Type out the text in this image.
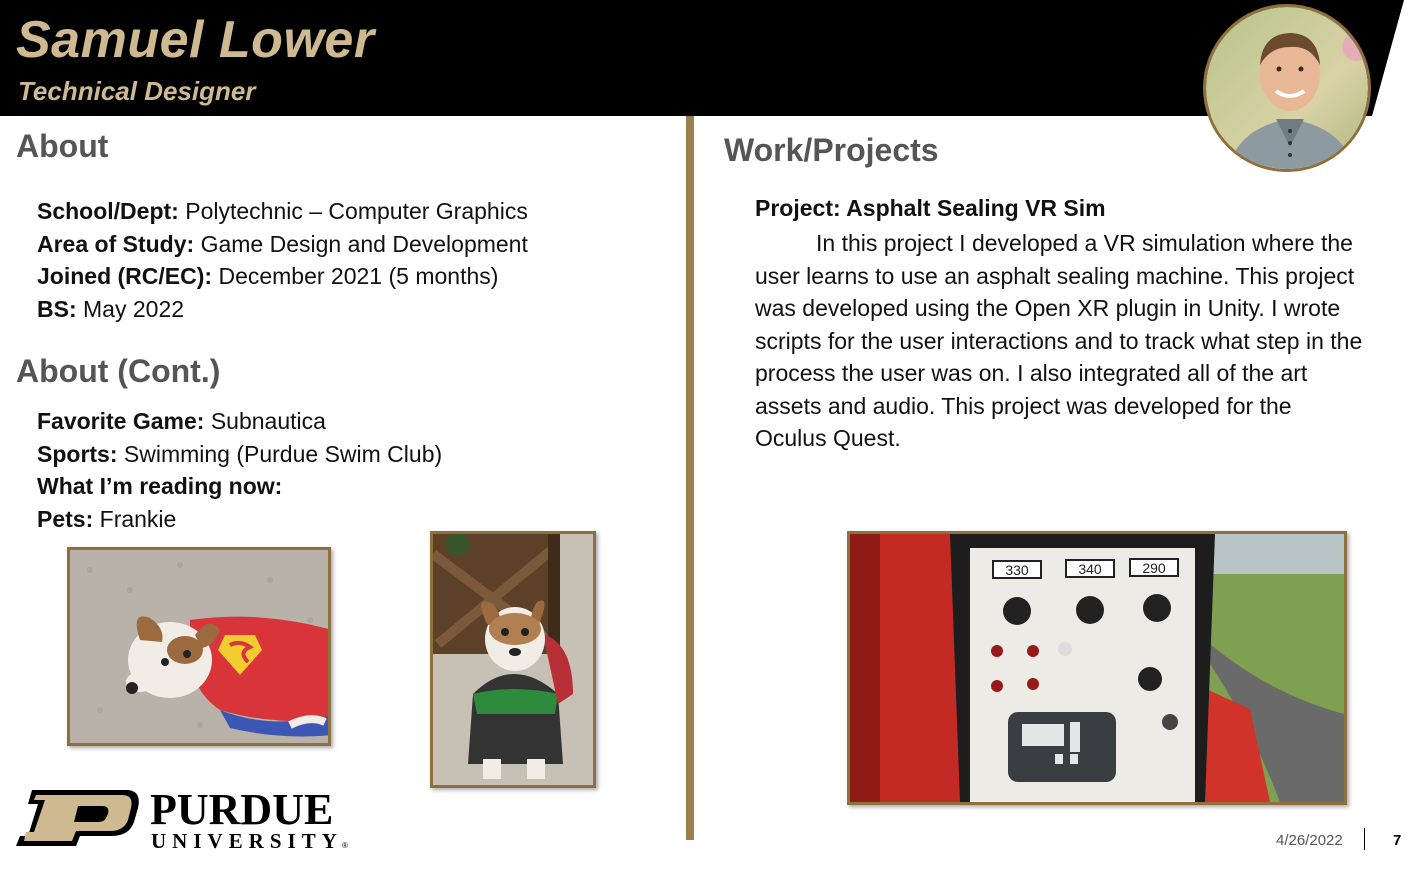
Samuel Lower
Technical Designer
About
School/Dept: Polytechnic – Computer Graphics
Area of Study: Game Design and Development
Joined (RC/EC): December 2021 (5 months)
BS: May 2022
About (Cont.)
Favorite Game: Subnautica
Sports: Swimming (Purdue Swim Club)
What I’m reading now:
Pets: Frankie
PURDUE
UNIVERSITY ®
Work/Projects
Project: Asphalt Sealing VR Sim
In this project I developed a VR simulation where the user learns to use an asphalt sealing machine. This project was developed using the Open XR plugin in Unity. I wrote scripts for the user interactions and to track what step in the process the user was on. I also integrated all of the art assets and audio. This project was developed for the Oculus Quest.
330	340	290
4/26/2022	7
